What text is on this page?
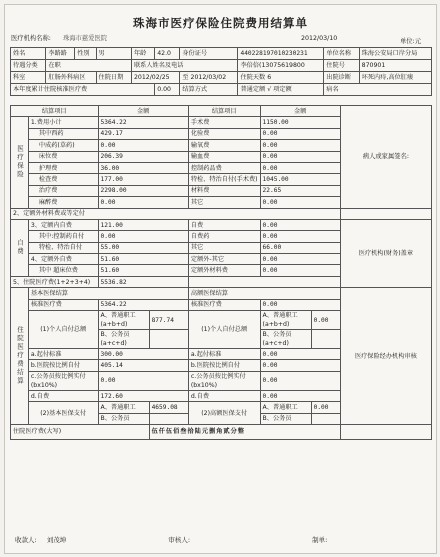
珠海市医疗保险住院费用结算单
2012/03/10	单位:元
医疗机构名称: 珠海市慈爱医院
姓名	李路路	性别	男	年龄	42.0	身份证号	440228197010230231	单位名称	珠海公安局口岸分局
待遇分类	在职			联系人姓名及电话			李倍倍(13075619800	住院号	870901
科室	肛肠外科病区		住院日期	2012/02/25		至 2012/03/02	住院天数 6	出院诊断	坏死内痔,高位肛瘘
本年度累计住院核准医疗费					0.00	结算方式	普通定额 √ 项定额	病名	
结算项目		金额		结算项目	金额		病人或家属签名:
医疗保险	1.费用小计	5364.22		手术费	1150.00		
	其中西药	429.17		化验费	0.00		
	中成药(草药)	0.00		输氧费	0.00		
	床位费	206.39		输血费	0.00		
	护理费	36.00		控制药品费	0.00		
	检查费	177.00		特检、特治自付(手术费)	1045.00		
	治疗费	2298.00		材料费	22.65		
	麻醉费	0.00		其它	0.00		
2、定额外材料费或等定付							
自费	3、定额内自费	121.00		自费	0.00		医疗机构(财务)盖章
	其中:控制药自付	0.00		自费药	0.00		
	特检、特治自付	55.00		其它	66.00		
	4、定额外自费	51.60		定额外-其它	0.00		
	其中 超床位费	51.60		定额外材料费	0.00		
5、住院医疗费(1+2+3+4)		5536.82					
住院医疗费结算	基本医保结算			高额医保结算			医疗保险经办机构审核
	核准医疗费	5364.22		核准医疗费	0.00		
	(1)个人自付总额	A、普通职工(a+b+d)	877.74	(1)个人自付总额	A、普通职工(a+b+d)	0.00	
		B、公务员(a+c+d)			B、公务员(a+c+d)		
	a.起付标准	300.00		a.起付标准	0.00		
	b.医院按比例自付	405.14		b.医院按比例自付	0.00		
	c.公务员按比例实付(bx10%)	0.00		c.公务员按比例实付(bx10%)	0.00		
	d.自费	172.60		d.自费	0.00		
	(2)基本医保支付	A、普通职工	4659.08	(2)高额医保支付	A、普通职工	0.00	
		B、公务员			B、公务员		
住院医疗费(大写)			伍仟伍佰叁拾陆元捌角贰分整				
收款人: 刘茂坤	审核人:	制单:
